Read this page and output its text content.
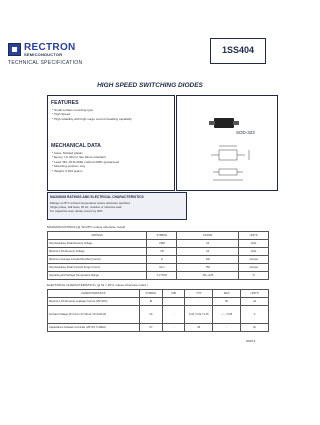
RECTRON
SEMICONDUCTOR
TECHNICAL SPECIFICATION
1SS404
HIGH SPEED SWITCHING DIODES
FEATURES
* Small surface mounting type
* High Speed
* High reliability with high surge current handling capability
MECHANICAL DATA
* Case: Molded plastic
* Epoxy: UL 94V-O rate flame retardant
* Lead: MIL-STD-202E method 208C guaranteed
* Mounting position: Any
* Weight: 0.004 grams
SOD-323
MAXIMUM RATINGS AND ELECTRICAL CHARACTERISTICS
Ratings at 25°C ambient temperature unless otherwise specified.
Single phase, half wave, 60 Hz, resistive or inductive load.
For capacitive load, derate current by 20%.
MAXIMUM RATINGS (@ Ta=25°C unless otherwise noted)
RATINGS	SYMBOL	1SS404	UNITS
Non-Repetitive Peak Reverse Voltage	VRM	20	Volts
Maximum DC Reverse Voltage	VR	20	Volts
Maximum Average Forward Rectified Current	Io	100	mAmps
Non-Repetitive Peak Forward Surge Current	Ifsm	750	mAmps
Operating and Storage Temperature Range	TJ,TSTG	-55~+125	°C
ELECTRICAL CHARACTERISTICS ( @ Ta = 25°C unless otherwise noted )
CHARACTERISTICS	SYMBOL	MIN	TYP	MAX	UNITS
Maximum DC Reverse Leakage Current (VR=20V)	IR		-	50	uA
Forward Voltage (IF=1mA / IF=10mA / IF=100mA)	VF	-	0.24 / 0.32 / 0.45	- / - / 0.55	V
Capacitance between terminals (VR=0V, f=1MHz)	CT	-	30	-	pF
2009-5
